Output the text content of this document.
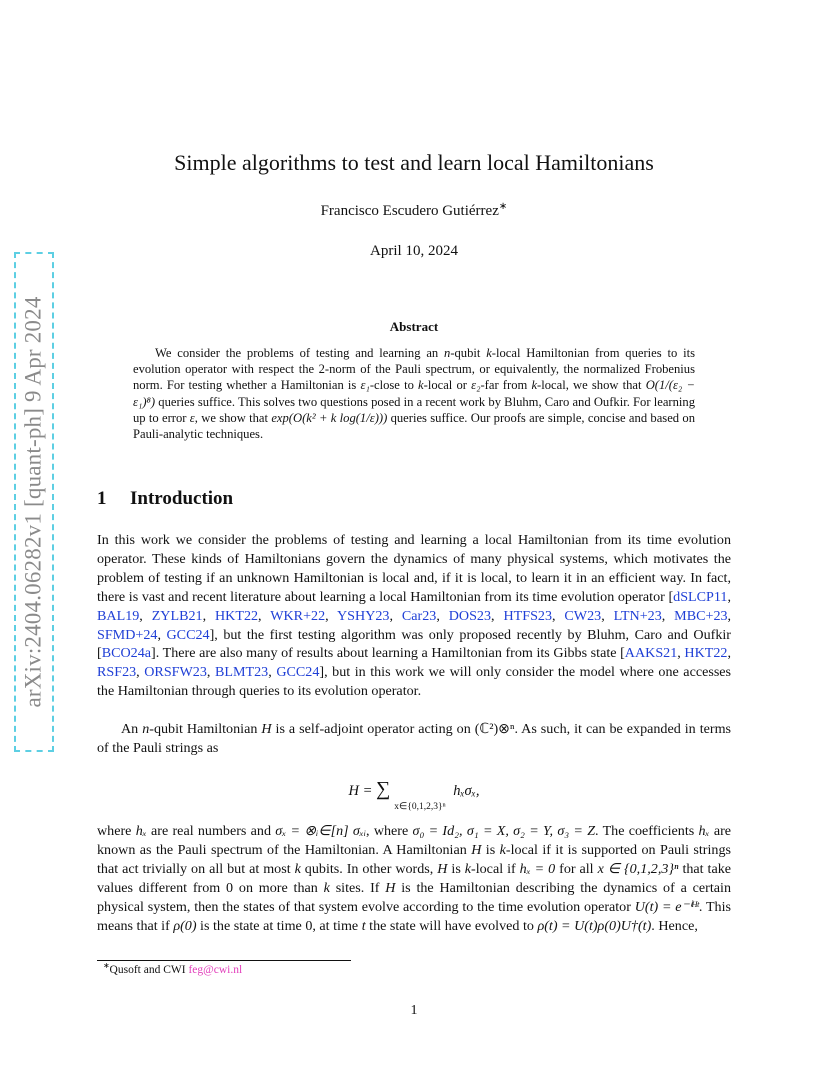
arXiv:2404.06282v1 [quant-ph] 9 Apr 2024
Simple algorithms to test and learn local Hamiltonians
Francisco Escudero Gutiérrez∗
April 10, 2024
Abstract

We consider the problems of testing and learning an n-qubit k-local Hamiltonian from queries to its evolution operator with respect the 2-norm of the Pauli spectrum, or equivalently, the normalized Frobenius norm. For testing whether a Hamiltonian is ε₁-close to k-local or ε₂-far from k-local, we show that O(1/(ε₂ − ε₁)⁸) queries suffice. This solves two questions posed in a recent work by Bluhm, Caro and Oufkir. For learning up to error ε, we show that exp(O(k² + k log(1/ε))) queries suffice. Our proofs are simple, concise and based on Pauli-analytic techniques.

1 Introduction

In this work we consider the problems of testing and learning a local Hamiltonian from its time evolution operator. These kinds of Hamiltonians govern the dynamics of many physical systems, which motivates the problem of testing if an unknown Hamiltonian is local and, if it is local, to learn it in an efficient way. In fact, there is vast and recent literature about learning a local Hamiltonian from its time evolution operator [dSLCP11, BAL19, ZYLB21, HKT22, WKR+22, YSHY23, Car23, DOS23, HTFS23, CW23, LTN+23, MBC+23, SFMD+24, GCC24], but the first testing algorithm was only proposed recently by Bluhm, Caro and Oufkir [BCO24a]. There are also many of results about learning a Hamiltonian from its Gibbs state [AAKS21, HKT22, RSF23, ORSFW23, BLMT23, GCC24], but in this work we will only consider the model where one accesses the Hamiltonian through queries to its evolution operator.

An n-qubit Hamiltonian H is a self-adjoint operator acting on (ℂ²)⊗ⁿ. As such, it can be expanded in terms of the Pauli strings as

$H = \sum_{x\in\{0,1,2,3\}^n}$ hₓσₓ,

where hₓ are real numbers and σₓ = ⊗ᵢ∈[n] σₓᵢ, where σ₀ = Id₂, σ₁ = X, σ₂ = Y, σ₃ = Z. The coefficients hₓ are known as the Pauli spectrum of the Hamiltonian. A Hamiltonian H is k-local if it is supported on Pauli strings that act trivially on all but at most k qubits. In other words, H is k-local if hₓ = 0 for all x ∈ {0,1,2,3}ⁿ that take values different from 0 on more than k sites. If H is the Hamiltonian describing the dynamics of a certain physical system, then the states of that system evolve according to the time evolution operator U(t) = e⁻ⁱᴴᵗ. This means that if ρ(0) is the state at time 0, at time t the state will have evolved to ρ(t) = U(t)ρ(0)U†(t). Hence,

∗Qusoft and CWI feg@cwi.nl
1
